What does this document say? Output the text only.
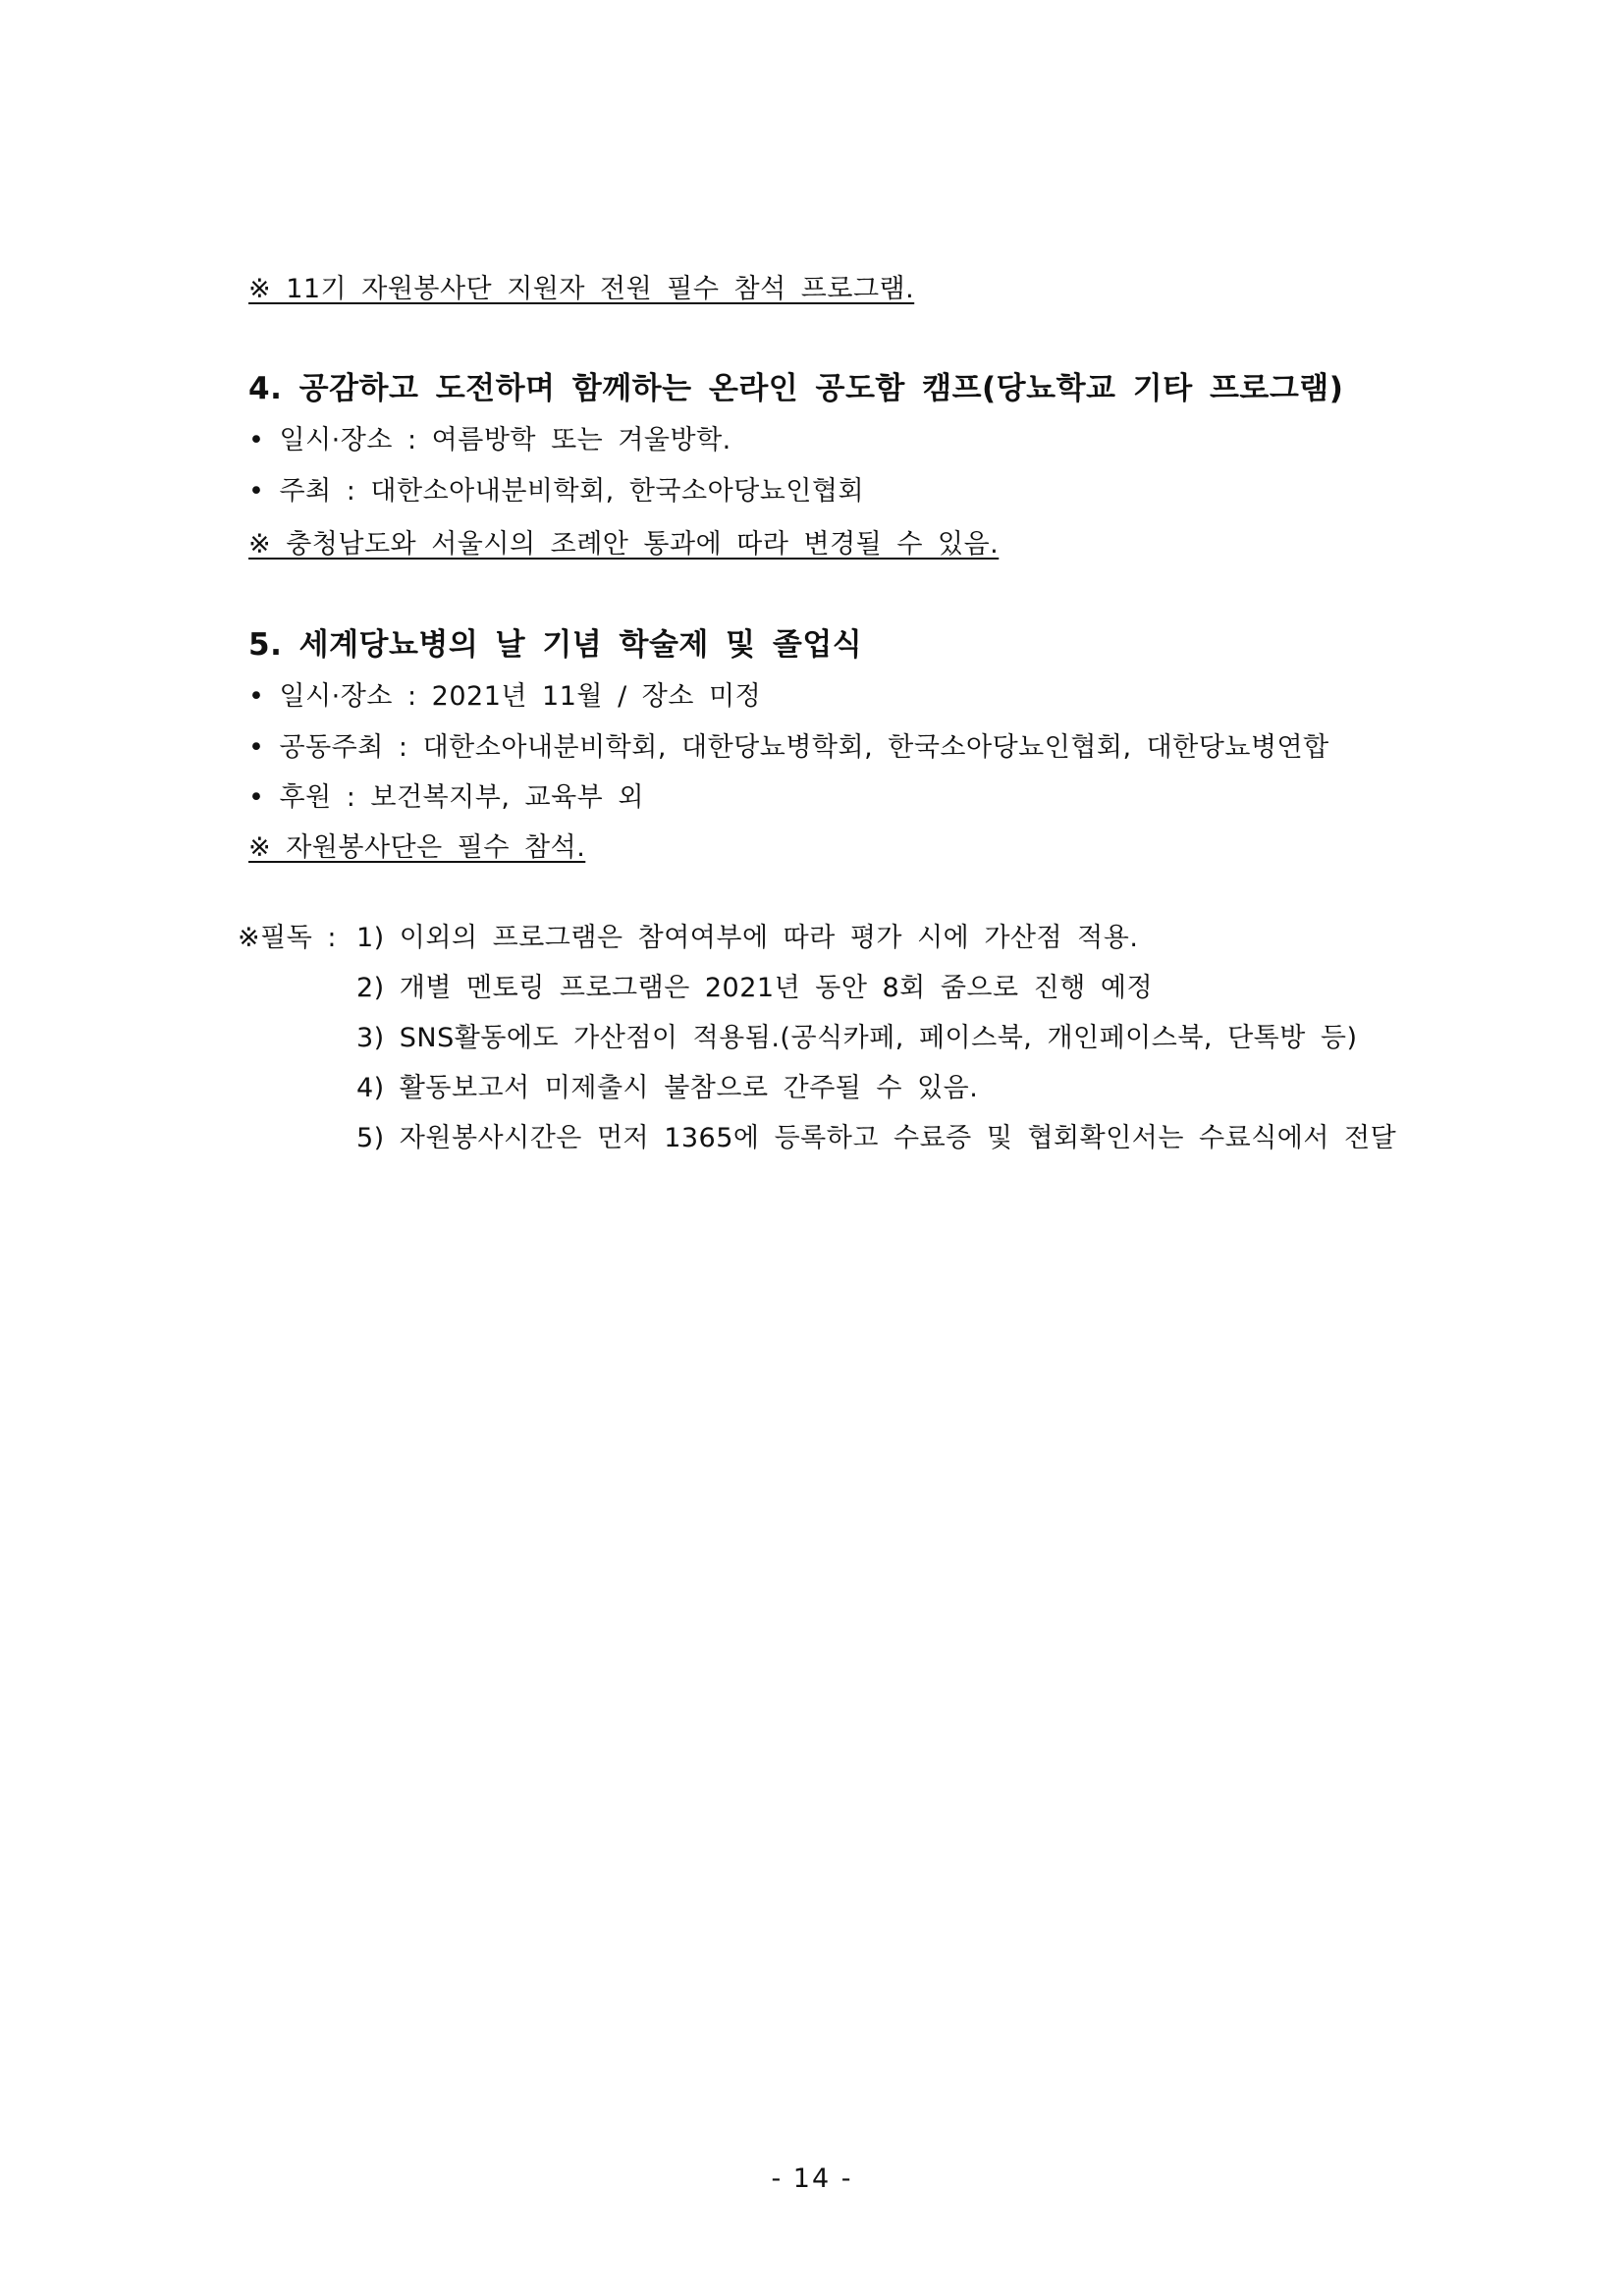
※ 11기 자원봉사단 지원자 전원 필수 참석 프로그램.
4. 공감하고 도전하며 함께하는 온라인 공도함 캠프(당뇨학교 기타 프로그램)
• 일시·장소 : 여름방학 또는 겨울방학.
• 주최 : 대한소아내분비학회, 한국소아당뇨인협회
※ 충청남도와 서울시의 조례안 통과에 따라 변경될 수 있음.
5. 세계당뇨병의 날 기념 학술제 및 졸업식
• 일시·장소 : 2021년 11월 / 장소 미정
• 공동주최 : 대한소아내분비학회, 대한당뇨병학회, 한국소아당뇨인협회, 대한당뇨병연합
• 후원 : 보건복지부, 교육부 외
※ 자원봉사단은 필수 참석.
※필독 : 1) 이외의 프로그램은 참여여부에 따라 평가 시에 가산점 적용.
2) 개별 멘토링 프로그램은 2021년 동안 8회 줌으로 진행 예정
3) SNS활동에도 가산점이 적용됨.(공식카페, 페이스북, 개인페이스북, 단톡방 등)
4) 활동보고서 미제출시 불참으로 간주될 수 있음.
5) 자원봉사시간은 먼저 1365에 등록하고 수료증 및 협회확인서는 수료식에서 전달
- 14 -
